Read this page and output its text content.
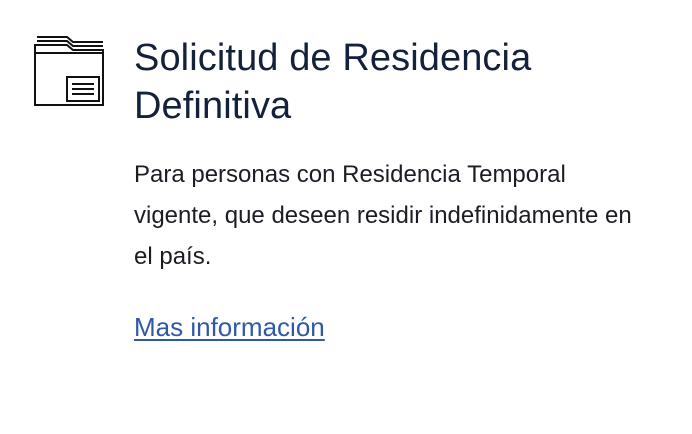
Solicitud de Residencia Definitiva

Para personas con Residencia Temporal vigente, que deseen residir indefinidamente en el país.

Mas información
